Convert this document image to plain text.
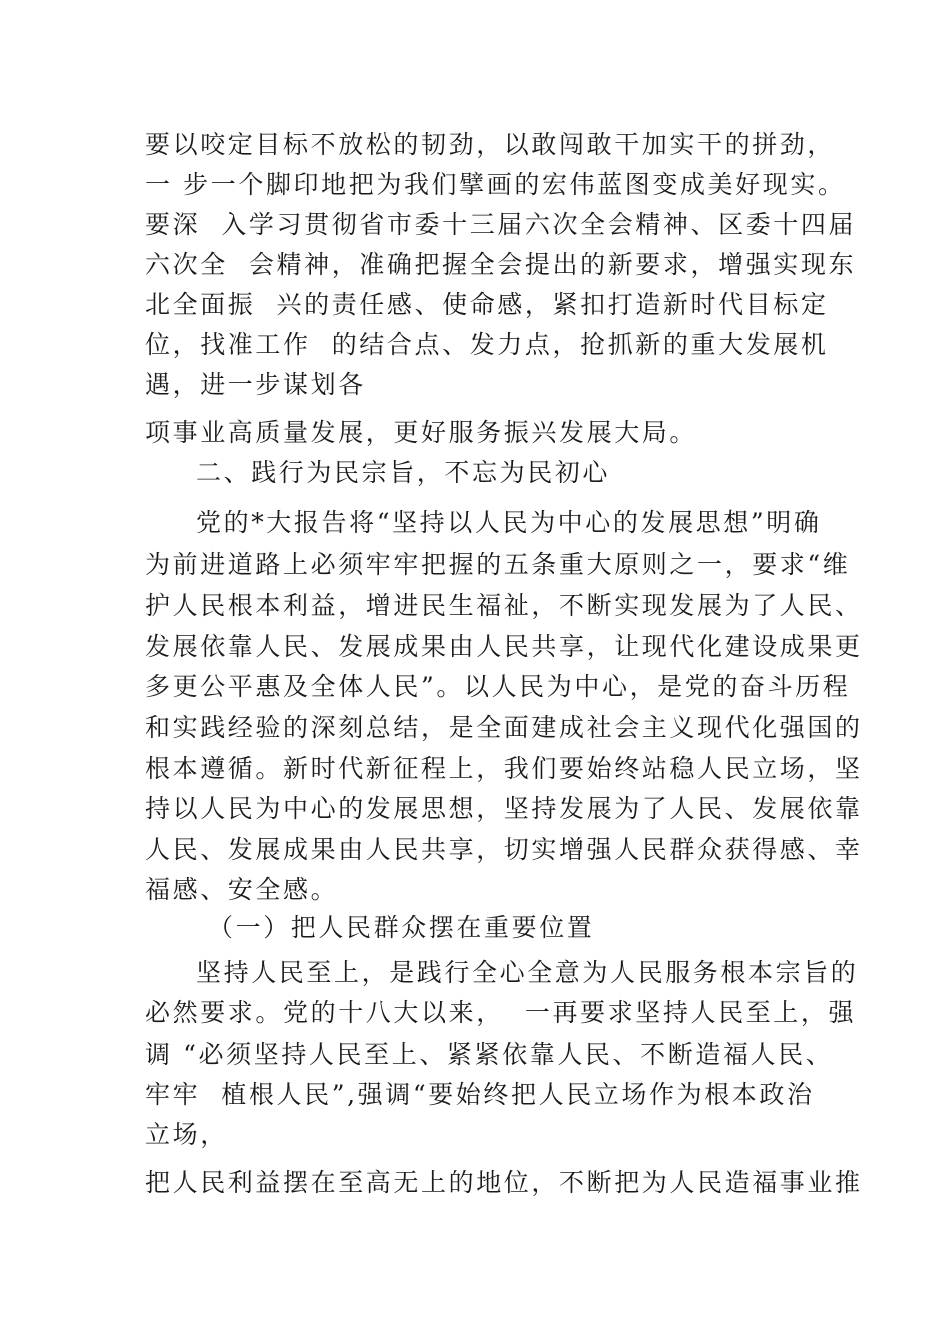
要以咬定目标不放松的韧劲，以敢闯敢干加实干的拼劲，
一 步一个脚印地把为我们擘画的宏伟蓝图变成美好现实。
要深  入学习贯彻省市委十三届六次全会精神、区委十四届
六次全  会精神，准确把握全会提出的新要求，增强实现东
北全面振  兴的责任感、使命感，紧扣打造新时代目标定
位，找准工作  的结合点、发力点，抢抓新的重大发展机
遇，进一步谋划各
项事业高质量发展，更好服务振兴发展大局。
二、践行为民宗旨，不忘为民初心
党的*大报告将“坚持以人民为中心的发展思想”明确
为前进道路上必须牢牢把握的五条重大原则之一，要求“维
护人民根本利益，增进民生福祉，不断实现发展为了人民、
发展依靠人民、发展成果由人民共享，让现代化建设成果更
多更公平惠及全体人民”。以人民为中心，是党的奋斗历程
和实践经验的深刻总结，是全面建成社会主义现代化强国的
根本遵循。新时代新征程上，我们要始终站稳人民立场，坚
持以人民为中心的发展思想，坚持发展为了人民、发展依靠
人民、发展成果由人民共享，切实增强人民群众获得感、幸
福感、安全感。
（一）把人民群众摆在重要位置
坚持人民至上，是践行全心全意为人民服务根本宗旨的
必然要求。党的十八大以来，  一再要求坚持人民至上，强
调 “必须坚持人民至上、紧紧依靠人民、不断造福人民、
牢牢  植根人民”,强调“要始终把人民立场作为根本政治
立场，
把人民利益摆在至高无上的地位，不断把为人民造福事业推
